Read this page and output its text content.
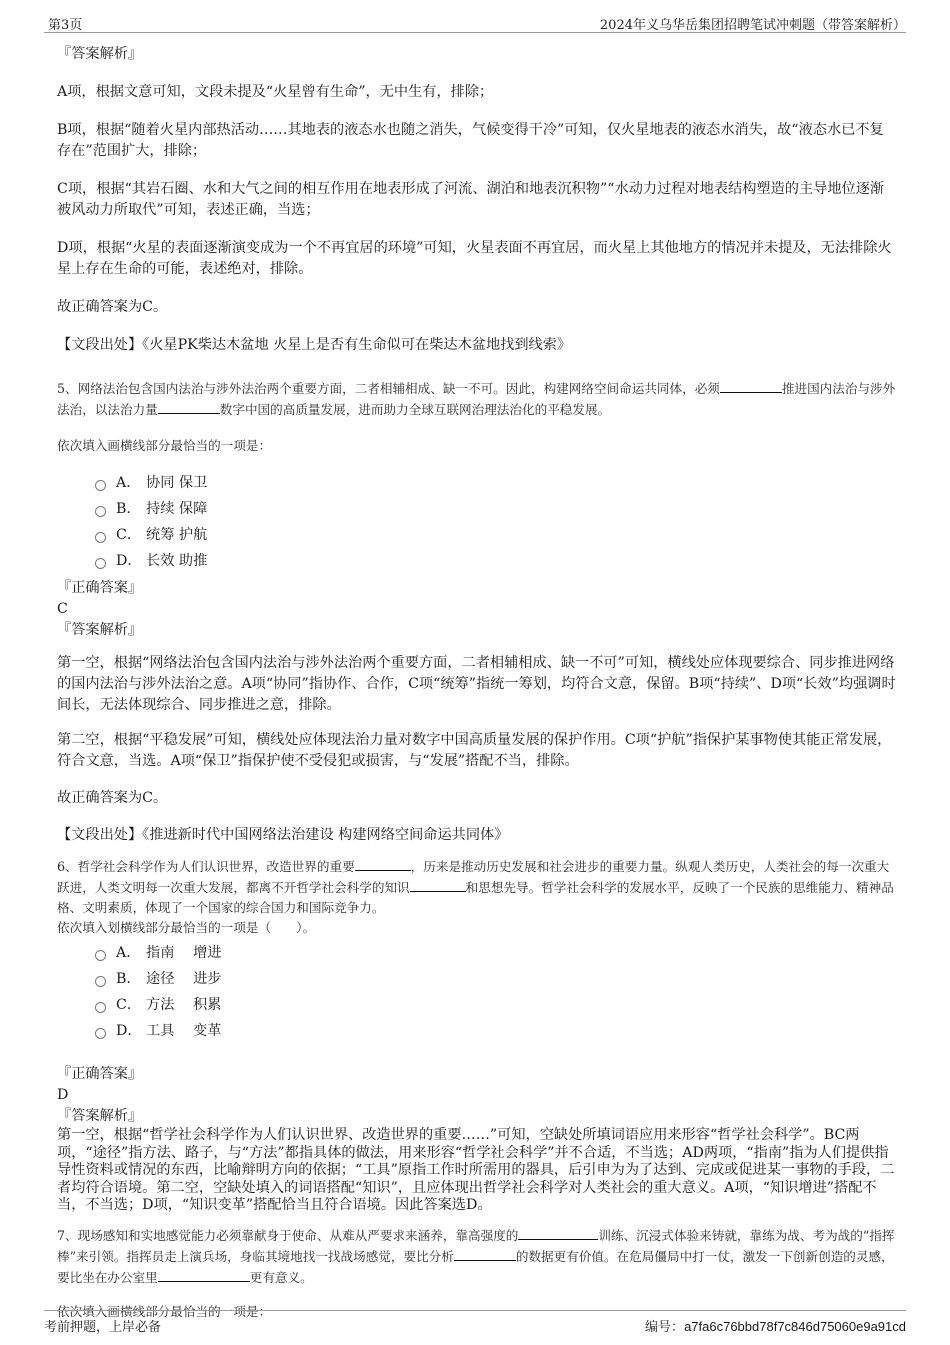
第3页	2024年义乌华岳集团招聘笔试冲刺题（带答案解析）

『答案解析』

A项，根据文意可知，文段未提及“火星曾有生命”，无中生有，排除；

B项，根据“随着火星内部热活动……其地表的液态水也随之消失，气候变得干冷”可知，仅火星地表的液态水消失，故“液态水已不复存在”范围扩大，排除；

C项，根据“其岩石圈、水和大气之间的相互作用在地表形成了河流、湖泊和地表沉积物”“水动力过程对地表结构塑造的主导地位逐渐被风动力所取代”可知，表述正确，当选；

D项，根据“火星的表面逐渐演变成为一个不再宜居的环境”可知，火星表面不再宜居，而火星上其他地方的情况并未提及，无法排除火星上存在生命的可能，表述绝对，排除。

故正确答案为C。

【文段出处】《火星PK柴达木盆地 火星上是否有生命似可在柴达木盆地找到线索》

5、网络法治包含国内法治与涉外法治两个重要方面，二者相辅相成、缺一不可。因此，构建网络空间命运共同体，必须	推进国内法治与涉外法治，以法治力量	数字中国的高质量发展，进而助力全球互联网治理法治化的平稳发展。

依次填入画横线部分最恰当的一项是：

A． 协同 保卫
B． 持续 保障
C． 统筹 护航
D． 长效 助推

『正确答案』

C

『答案解析』

第一空，根据“网络法治包含国内法治与涉外法治两个重要方面，二者相辅相成、缺一不可”可知，横线处应体现要综合、同步推进网络的国内法治与涉外法治之意。A项“协同”指协作、合作，C项“统筹”指统一筹划，均符合文意，保留。B项“持续”、D项“长效”均强调时间长，无法体现综合、同步推进之意，排除。

第二空，根据“平稳发展”可知，横线处应体现法治力量对数字中国高质量发展的保护作用。C项“护航”指保护某事物使其能正常发展，符合文意，当选。A项“保卫”指保护使不受侵犯或损害，与“发展”搭配不当，排除。

故正确答案为C。

【文段出处】《推进新时代中国网络法治建设 构建网络空间命运共同体》

6、哲学社会科学作为人们认识世界，改造世界的重要	，历来是推动历史发展和社会进步的重要力量。纵观人类历史，人类社会的每一次重大跃进，人类文明每一次重大发展，都离不开哲学社会科学的知识	和思想先导。哲学社会科学的发展水平，反映了一个民族的思维能力、精神品格、文明素质，体现了一个国家的综合国力和国际竞争力。

依次填入划横线部分最恰当的一项是（　　）。

A． 指南　 增进
B． 途径　 进步
C． 方法　 积累
D． 工具　 变革

『正确答案』

D

『答案解析』

第一空，根据“哲学社会科学作为人们认识世界、改造世界的重要……”可知，空缺处所填词语应用来形容“哲学社会科学”。BC两项，“途径”指方法、路子，与“方法”都指具体的做法，用来形容“哲学社会科学”并不合适，不当选；AD两项，“指南”指为人们提供指导性资料或情况的东西，比喻辩明方向的依据；“工具”原指工作时所需用的器具，后引申为为了达到、完成或促进某一事物的手段，二者均符合语境。第二空，空缺处填入的词语搭配“知识”，且应体现出哲学社会科学对人类社会的重大意义。A项，“知识增进”搭配不当，不当选；D项，“知识变革”搭配恰当且符合语境。因此答案选D。

7、现场感知和实地感觉能力必须靠献身于使命、从难从严要求来涵养，靠高强度的	训练、沉浸式体验来铸就，靠练为战、考为战的“指挥棒”来引领。指挥员走上演兵场，身临其境地找一找战场感觉，要比分析	的数据更有价值。在危局僵局中打一仗，激发一下创新创造的灵感，要比坐在办公室里	更有意义。

依次填入画横线部分最恰当的一项是：

考前押题，上岸必备	编号：a7fa6c76bbd78f7c846d75060e9a91cd
